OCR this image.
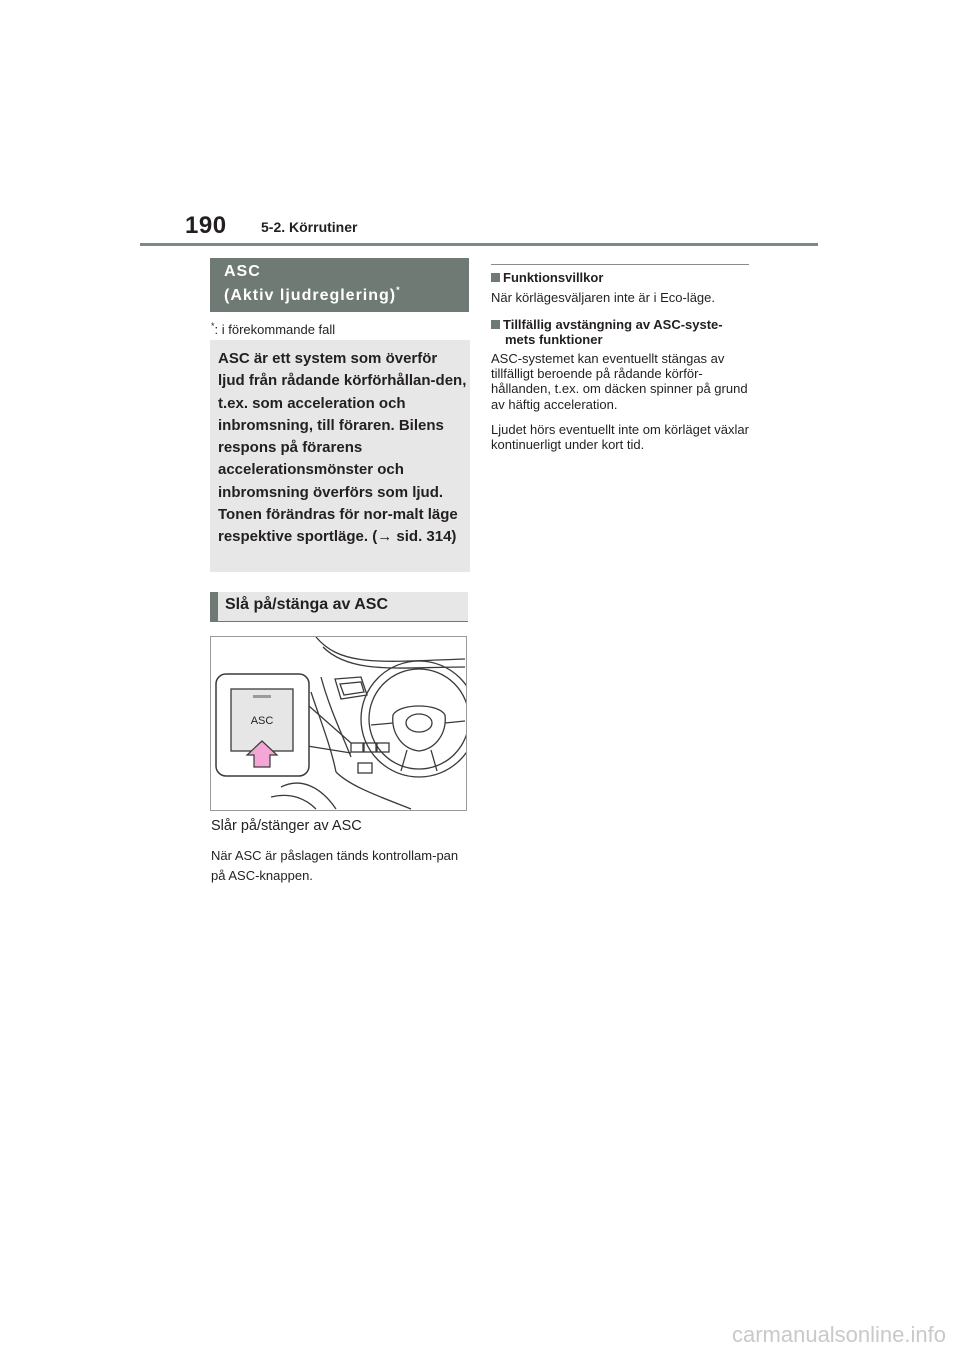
190 5-2. Körrutiner
ASC
(Aktiv ljudreglering)*
*: i förekommande fall
ASC är ett system som överför ljud från rådande körförhållan-den, t.ex. som acceleration och inbromsning, till föraren. Bilens respons på förarens accelerationsmönster och inbromsning överförs som ljud. Tonen förändras för nor-malt läge respektive sportläge. (→ sid. 314)
Slå på/stänga av ASC
ASC
Slår på/stänger av ASC
När ASC är påslagen tänds kontrollam-pan på ASC-knappen.
Funktionsvillkor
När körlägesväljaren inte är i Eco-läge.
Tillfällig avstängning av ASC-syste-
mets funktioner
ASC-systemet kan eventuellt stängas av tillfälligt beroende på rådande körför-hållanden, t.ex. om däcken spinner på grund av häftig acceleration.
Ljudet hörs eventuellt inte om körläget växlar kontinuerligt under kort tid.
carmanualsonline.info
